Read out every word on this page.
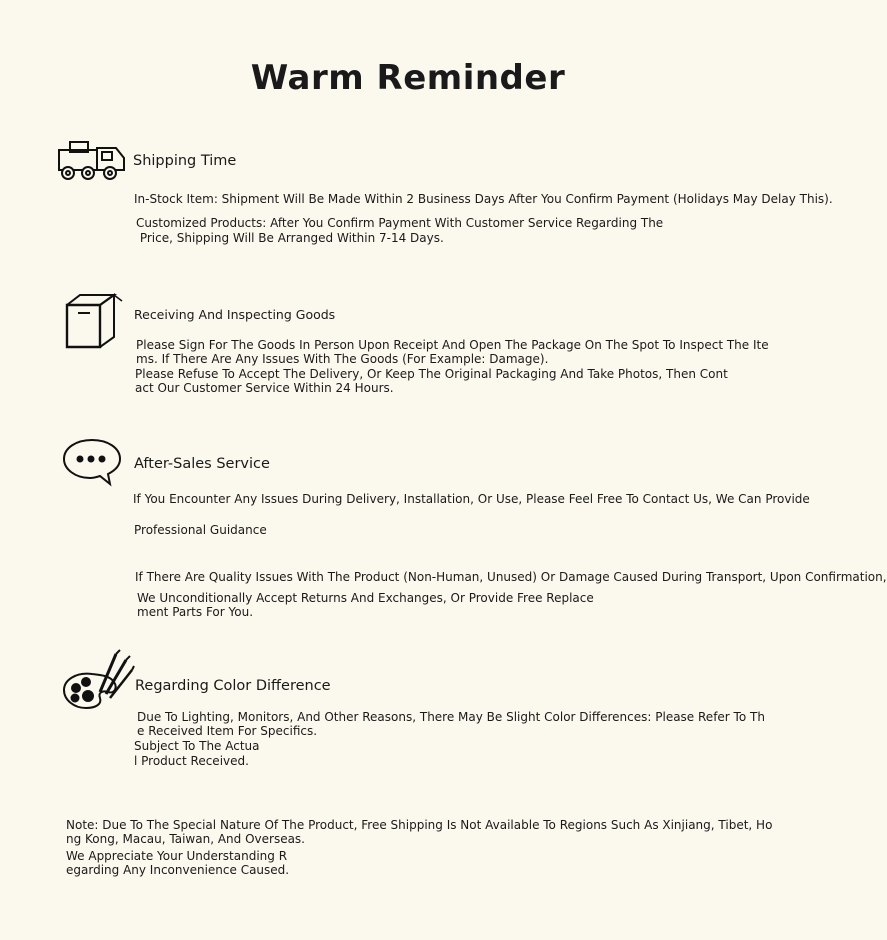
Warm Reminder
Shipping Time
In-Stock Item: Shipment Will Be Made Within 2 Business Days After You Confirm Payment (Holidays May Delay This).
Customized Products: After You Confirm Payment With Customer Service Regarding The
Price, Shipping Will Be Arranged Within 7-14 Days.
Receiving And Inspecting Goods
Please Sign For The Goods In Person Upon Receipt And Open The Package On The Spot To Inspect The Ite
ms. If There Are Any Issues With The Goods (For Example: Damage).
Please Refuse To Accept The Delivery, Or Keep The Original Packaging And Take Photos, Then Cont
act Our Customer Service Within 24 Hours.
After-Sales Service
If You Encounter Any Issues During Delivery, Installation, Or Use, Please Feel Free To Contact Us, We Can Provide
Professional Guidance
If There Are Quality Issues With The Product (Non-Human, Unused) Or Damage Caused During Transport, Upon Confirmation,
We Unconditionally Accept Returns And Exchanges, Or Provide Free Replace
ment Parts For You.
Regarding Color Difference
Due To Lighting, Monitors, And Other Reasons, There May Be Slight Color Differences: Please Refer To Th
e Received Item For Specifics.
Subject To The Actua
l Product Received.
Note: Due To The Special Nature Of The Product, Free Shipping Is Not Available To Regions Such As Xinjiang, Tibet, Ho
ng Kong, Macau, Taiwan, And Overseas.
We Appreciate Your Understanding R
egarding Any Inconvenience Caused.
